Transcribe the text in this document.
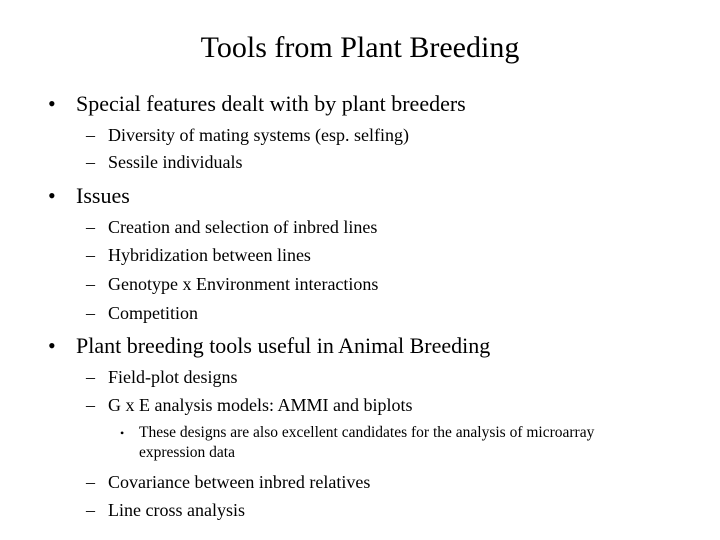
Tools from Plant Breeding
• Special features dealt with by plant breeders
– Diversity of mating systems (esp. selfing)
– Sessile individuals
• Issues
– Creation and selection of inbred lines
– Hybridization between lines
– Genotype x Environment interactions
– Competition
• Plant breeding tools useful in Animal Breeding
– Field-plot designs
– G x E analysis models: AMMI and biplots
• These designs are also excellent candidates for the analysis of microarray expression data
– Covariance between inbred relatives
– Line cross analysis
